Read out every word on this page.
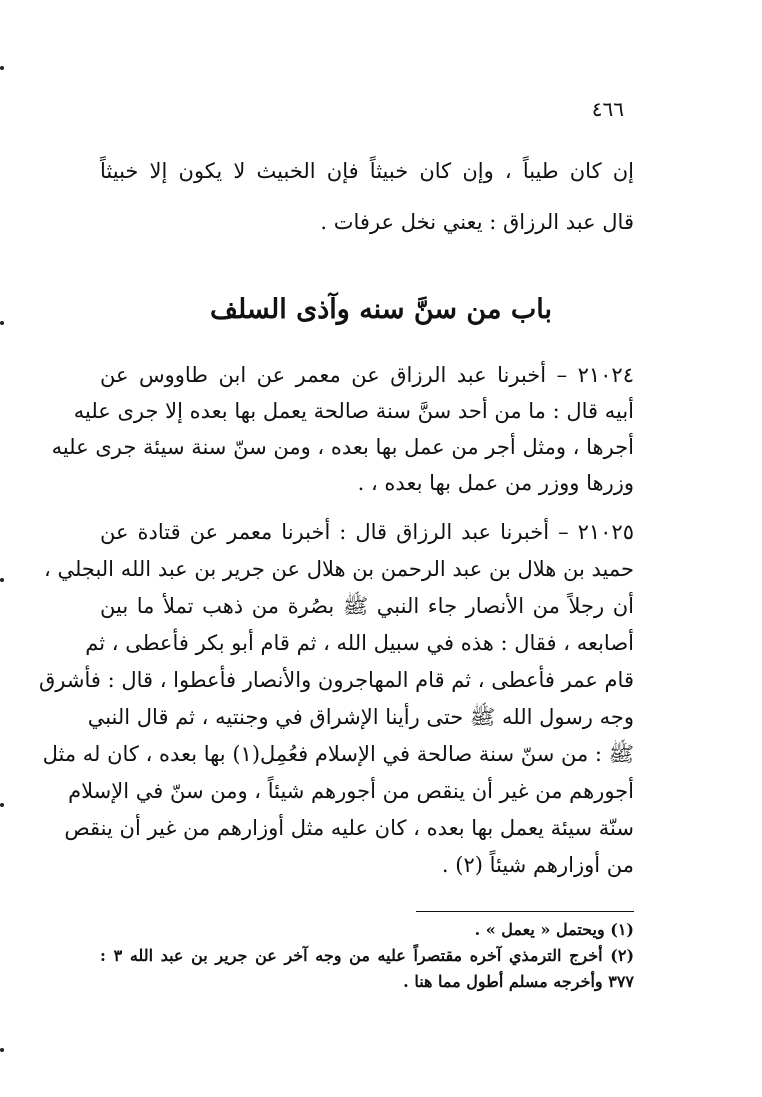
٤٦٦
إن كان طيباً ، وإن كان خبيثاً فإن الخبيث لا يكون إلا خبيثاً
قال عبد الرزاق : يعني نخل عرفات .
باب من سنَّ سنه وآذى السلف
٢١٠٢٤ – أخبرنا عبد الرزاق عن معمر عن ابن طاووس عن
أبيه قال : ما من أحد سنَّ سنة صالحة يعمل بها بعده إلا جرى عليه
أجرها ، ومثل أجر من عمل بها بعده ، ومن سنّ سنة سيئة جرى عليه
وزرها ووزر من عمل بها بعده ، .
٢١٠٢٥ – أخبرنا عبد الرزاق قال : أخبرنا معمر عن قتادة عن
حميد بن هلال بن عبد الرحمن بن هلال عن جرير بن عبد الله البجلي ،
أن رجلاً من الأنصار جاء النبي ﷺ بصُرة من ذهب تملأ ما بين
أصابعه ، فقال : هذه في سبيل الله ، ثم قام أبو بكر فأعطى ، ثم
قام عمر فأعطى ، ثم قام المهاجرون والأنصار فأعطوا ، قال : فأشرق
وجه رسول الله ﷺ حتى رأينا الإشراق في وجنتيه ، ثم قال النبي
ﷺ : من سنّ سنة صالحة في الإسلام فعُمِل(١) بها بعده ، كان له مثل
أجورهم من غير أن ينقص من أجورهم شيئاً ، ومن سنّ في الإسلام
سنّة سيئة يعمل بها بعده ، كان عليه مثل أوزارهم من غير أن ينقص
من أوزارهم شيئاً (٢) .
(١) ويحتمل « يعمل » .
(٢) أخرج الترمذي آخره مقتصراً عليه من وجه آخر عن جرير بن عبد الله ٣ :
٣٧٧ وأخرجه مسلم أطول مما هنا .
